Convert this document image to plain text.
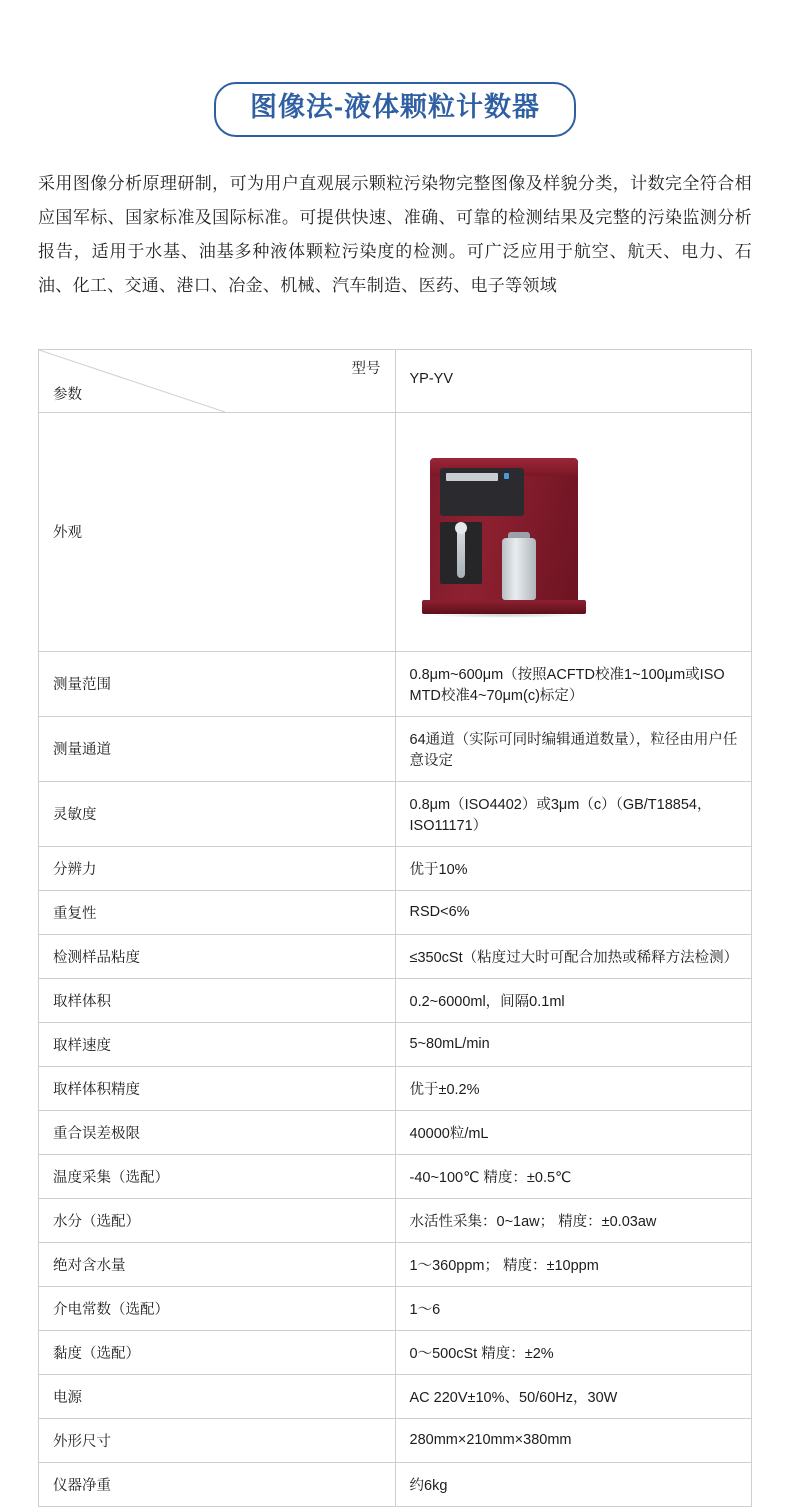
图像法-液体颗粒计数器

采用图像分析原理研制，可为用户直观展示颗粒污染物完整图像及样貌分类，计数完全符合相应国军标、国家标准及国际标准。可提供快速、准确、可靠的检测结果及完整的污染监测分析报告，适用于水基、油基多种液体颗粒污染度的检测。可广泛应用于航空、航天、电力、石油、化工、交通、港口、冶金、机械、汽车制造、医药、电子等领域

型号
参数	YP-YV

外观	

测量范围	0.8μm~600μm（按照ACFTD校准1~100μm或ISO MTD校准4~70μm(c)标定）
测量通道	64通道（实际可同时编辑通道数量），粒径由用户任意设定
灵敏度	0.8μm（ISO4402）或3μm（c）（GB/T18854，ISO11171）
分辨力	优于10%
重复性	RSD<6%
检测样品粘度	≤350cSt（粘度过大时可配合加热或稀释方法检测）
取样体积	0.2~6000ml，间隔0.1ml
取样速度	5~80mL/min
取样体积精度	优于±0.2%
重合误差极限	40000粒/mL
温度采集（选配）	-40~100℃ 精度：±0.5℃
水分（选配）	水活性采集：0~1aw； 精度：±0.03aw
绝对含水量	1～360ppm； 精度：±10ppm
介电常数（选配）	1～6
黏度（选配）	0～500cSt 精度：±2%
电源	AC 220V±10%、50/60Hz，30W
外形尺寸	280mm×210mm×380mm
仪器净重	约6kg
